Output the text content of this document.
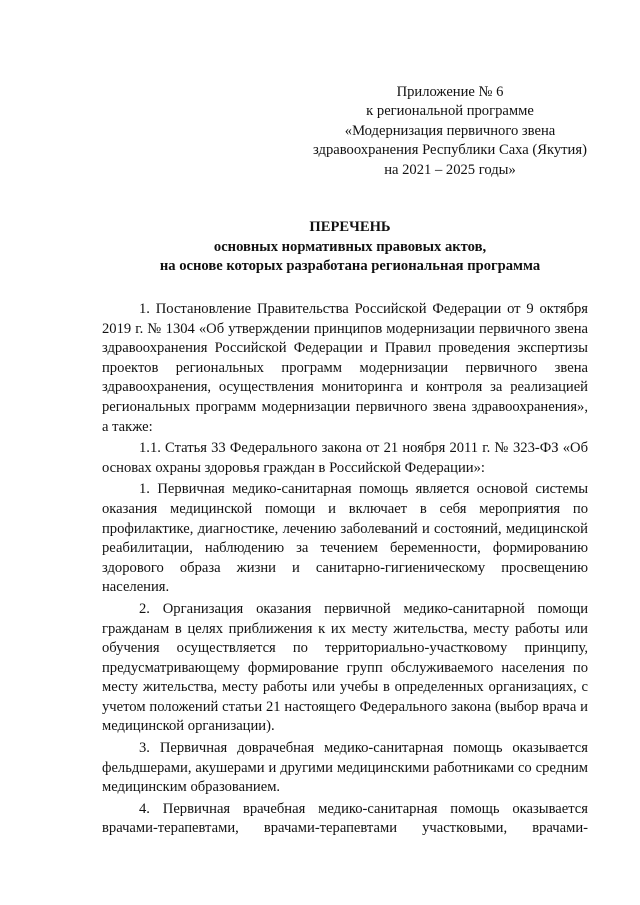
Приложение № 6
к региональной программе
«Модернизация первичного звена
здравоохранения Республики Саха (Якутия)
на 2021 – 2025 годы»
ПЕРЕЧЕНЬ
основных нормативных правовых актов,
на основе которых разработана региональная программа

1. Постановление Правительства Российской Федерации от 9 октября 2019 г. № 1304 «Об утверждении принципов модернизации первичного звена здравоохранения Российской Федерации и Правил проведения экспертизы проектов региональных программ модернизации первичного звена здравоохранения, осуществления мониторинга и контроля за реализацией региональных программ модернизации первичного звена здравоохранения», а также:

1.1. Статья 33 Федерального закона от 21 ноября 2011 г. № 323-ФЗ «Об основах охраны здоровья граждан в Российской Федерации»:

1. Первичная медико-санитарная помощь является основой системы оказания медицинской помощи и включает в себя мероприятия по профилактике, диагностике, лечению заболеваний и состояний, медицинской реабилитации, наблюдению за течением беременности, формированию здорового образа жизни и санитарно-гигиеническому просвещению населения.

2. Организация оказания первичной медико-санитарной помощи гражданам в целях приближения к их месту жительства, месту работы или обучения осуществляется по территориально-участковому принципу, предусматривающему формирование групп обслуживаемого населения по месту жительства, месту работы или учебы в определенных организациях, с учетом положений статьи 21 настоящего Федерального закона (выбор врача и медицинской организации).

3. Первичная доврачебная медико-санитарная помощь оказывается фельдшерами, акушерами и другими медицинскими работниками со средним медицинским образованием.

4. Первичная врачебная медико-санитарная помощь оказывается врачами-терапевтами, врачами-терапевтами участковыми, врачами-
